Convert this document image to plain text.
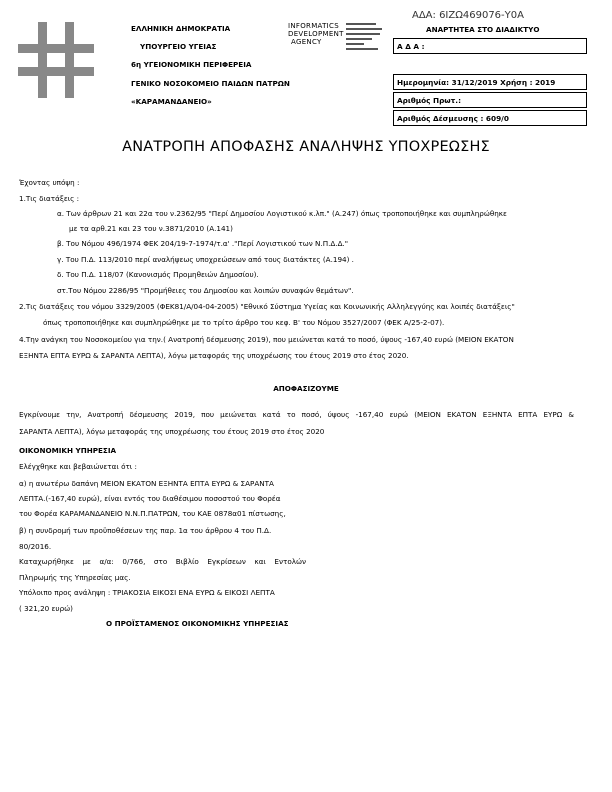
ΕΛΛΗΝΙΚΗ ΔΗΜΟΚΡΑΤΙΑ
ΥΠΟΥΡΓΕΙΟ ΥΓΕΙΑΣ
6η ΥΓΕΙΟΝΟΜΙΚΗ ΠΕΡΙΦΕΡΕΙΑ
ΓΕΝΙΚΟ ΝΟΣΟΚΟΜΕΙΟ ΠΑΙΔΩΝ ΠΑΤΡΩΝ
«ΚΑΡΑΜΑΝΔΑΝΕΙΟ»
INFORMATICS
DEVELOPMENT
AGENCY
ΑΔΑ: 6ΙΖΩ469076-Υ0Α
ΑΝΑΡΤΗΤΕΑ ΣΤΟ ΔΙΑΔΙΚΤΥΟ
Α Δ Α :
Ημερομηνία: 31/12/2019 Χρήση : 2019
Αριθμός Πρωτ.:
Αριθμός Δέσμευσης : 609/0
ΑΝΑΤΡΟΠΗ ΑΠΟΦΑΣΗΣ ΑΝΑΛΗΨΗΣ ΥΠΟΧΡΕΩΣΗΣ
Έχοντας υπόψη :
1.Τις διατάξεις :
α. Των άρθρων 21 και 22α του ν.2362/95 "Περί Δημοσίου Λογιστικού κ.λπ." (Α.247) όπως τροποποιήθηκε και συμπληρώθηκε
με τα αρθ.21 και 23 του ν.3871/2010 (Α.141)
β. Του Νόμου 496/1974 ΦΕΚ 204/19-7-1974/τ.α' ."Περί Λογιστικού των Ν.Π.Δ.Δ."
γ. Του Π.Δ. 113/2010 περί αναλήψεως υποχρεώσεων από τους διατάκτες (Α.194) .
δ. Του Π.Δ. 118/07 (Κανονισμός Προμηθειών Δημοσίου).
στ.Του Νόμου 2286/95 "Προμήθειες του Δημοσίου και λοιπών συναφών θεμάτων".
2.Τις διατάξεις του νόμου 3329/2005 (ΦΕΚ81/Α/04-04-2005) "Εθνικό Σύστημα Υγείας και Κοινωνικής Αλληλεγγύης και λοιπές διατάξεις"
όπως τροποποιήθηκε και συμπληρώθηκε με το τρίτο άρθρο του κεφ. Β' του Νόμου 3527/2007 (ΦΕΚ Α/25-2-07).
4.Την ανάγκη του Νοσοκομείου για την.( Ανατροπή δέσμευσης 2019), που μειώνεται κατά το ποσό, ύψους -167,40 ευρώ (ΜΕΙΟΝ ΕΚΑΤΟΝ
ΕΞΗΝΤΑ ΕΠΤΑ ΕΥΡΩ & ΣΑΡΑΝΤΑ ΛΕΠΤΑ), λόγω μεταφοράς της υποχρέωσης του έτους 2019 στο έτος 2020.
ΑΠΟΦΑΣΙΖΟΥΜΕ
Εγκρίνουμε την, Ανατροπή δέσμευσης 2019, που μειώνεται κατά το ποσό, ύψους -167,40 ευρώ (ΜΕΙΟΝ ΕΚΑΤΟΝ ΕΞΗΝΤΑ ΕΠΤΑ ΕΥΡΩ &
ΣΑΡΑΝΤΑ ΛΕΠΤΑ), λόγω μεταφοράς της υποχρέωσης του έτους 2019 στο έτος 2020
ΟΙΚΟΝΟΜΙΚΗ ΥΠΗΡΕΣΙΑ
Ελέγχθηκε και βεβαιώνεται ότι :
α) η ανωτέρω δαπάνη ΜΕΙΟΝ ΕΚΑΤΟΝ ΕΞΗΝΤΑ ΕΠΤΑ ΕΥΡΩ & ΣΑΡΑΝΤΑ
ΛΕΠΤΑ.(-167,40 ευρώ), είναι εντός του διαθέσιμου ποσοστού του Φορέα
του Φορέα ΚΑΡΑΜΑΝΔΑΝΕΙΟ Ν.Ν.Π.ΠΑΤΡΩΝ, του ΚΑΕ 0878α01 πίστωσης,
β) η συνδρομή των προϋποθέσεων της παρ. 1α του άρθρου 4 του Π.Δ.
80/2016.
Καταχωρήθηκε με α/α: 0/766, στο Βιβλίο Εγκρίσεων και Εντολών
Πληρωμής της Υπηρεσίας μας.
Υπόλοιπο προς ανάληψη : ΤΡΙΑΚΟΣΙΑ ΕΙΚΟΣΙ ΕΝΑ ΕΥΡΩ & ΕΙΚΟΣΙ ΛΕΠΤΑ
( 321,20 ευρώ)
Ο ΠΡΟΪΣΤΑΜΕΝΟΣ ΟΙΚΟΝΟΜΙΚΗΣ ΥΠΗΡΕΣΙΑΣ
